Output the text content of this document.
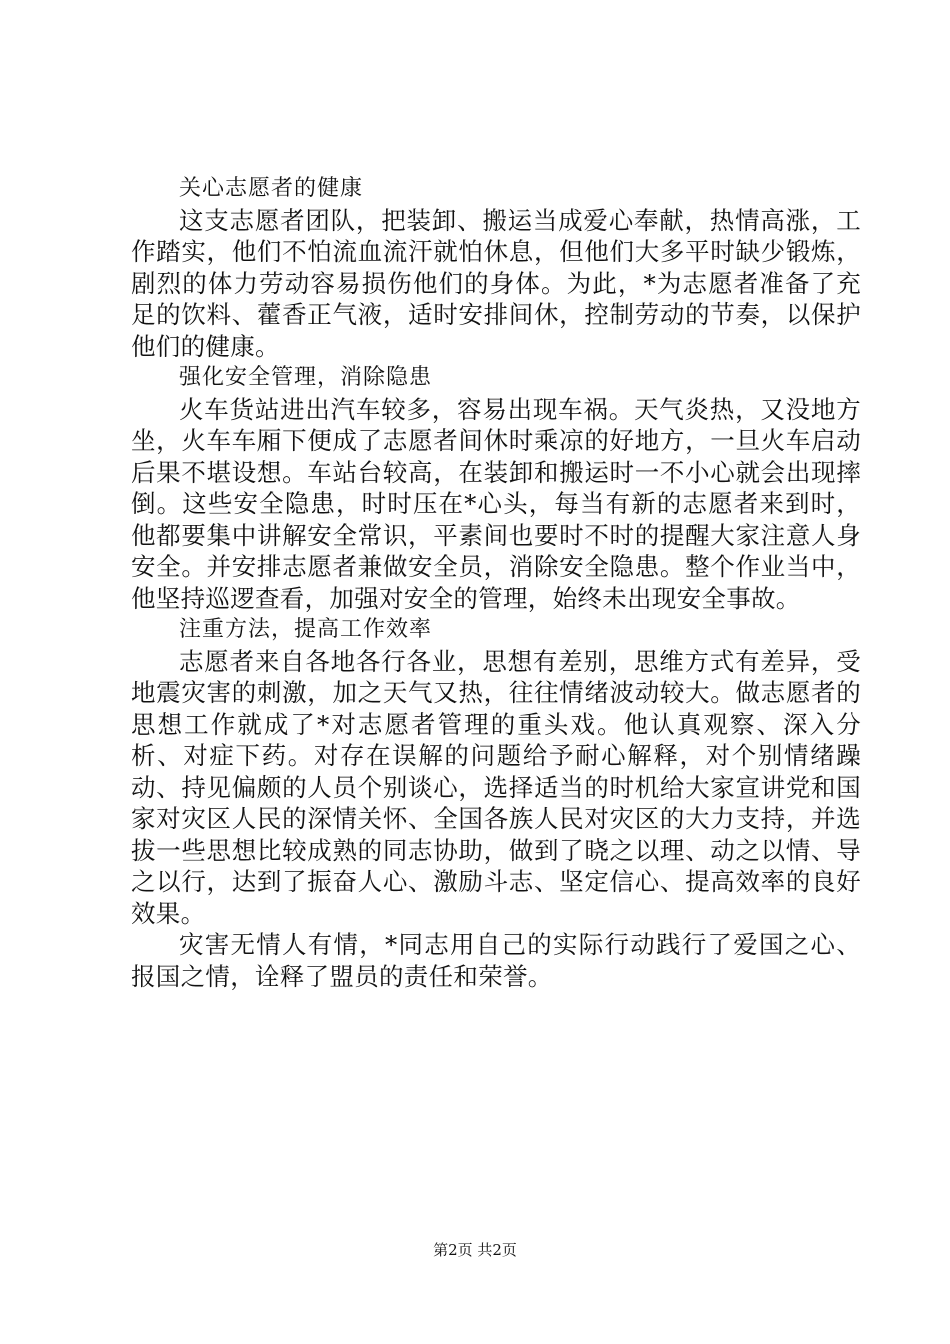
关心志愿者的健康

这支志愿者团队，把装卸、搬运当成爱心奉献，热情高涨，工作踏实，他们不怕流血流汗就怕休息，但他们大多平时缺少锻炼，剧烈的体力劳动容易损伤他们的身体。为此，*为志愿者准备了充足的饮料、藿香正气液，适时安排间休，控制劳动的节奏，以保护他们的健康。

强化安全管理，消除隐患

火车货站进出汽车较多，容易出现车祸。天气炎热，又没地方坐，火车车厢下便成了志愿者间休时乘凉的好地方，一旦火车启动后果不堪设想。车站台较高，在装卸和搬运时一不小心就会出现摔倒。这些安全隐患，时时压在*心头，每当有新的志愿者来到时，他都要集中讲解安全常识，平素间也要时不时的提醒大家注意人身安全。并安排志愿者兼做安全员，消除安全隐患。整个作业当中，他坚持巡逻查看，加强对安全的管理，始终未出现安全事故。

注重方法，提高工作效率

志愿者来自各地各行各业，思想有差别，思维方式有差异，受地震灾害的刺激，加之天气又热，往往情绪波动较大。做志愿者的思想工作就成了*对志愿者管理的重头戏。他认真观察、深入分析、对症下药。对存在误解的问题给予耐心解释，对个别情绪躁动、持见偏颇的人员个别谈心，选择适当的时机给大家宣讲党和国家对灾区人民的深情关怀、全国各族人民对灾区的大力支持，并选拔一些思想比较成熟的同志协助，做到了晓之以理、动之以情、导之以行，达到了振奋人心、激励斗志、坚定信心、提高效率的良好效果。

灾害无情人有情，*同志用自己的实际行动践行了爱国之心、报国之情，诠释了盟员的责任和荣誉。

第2页 共2页
